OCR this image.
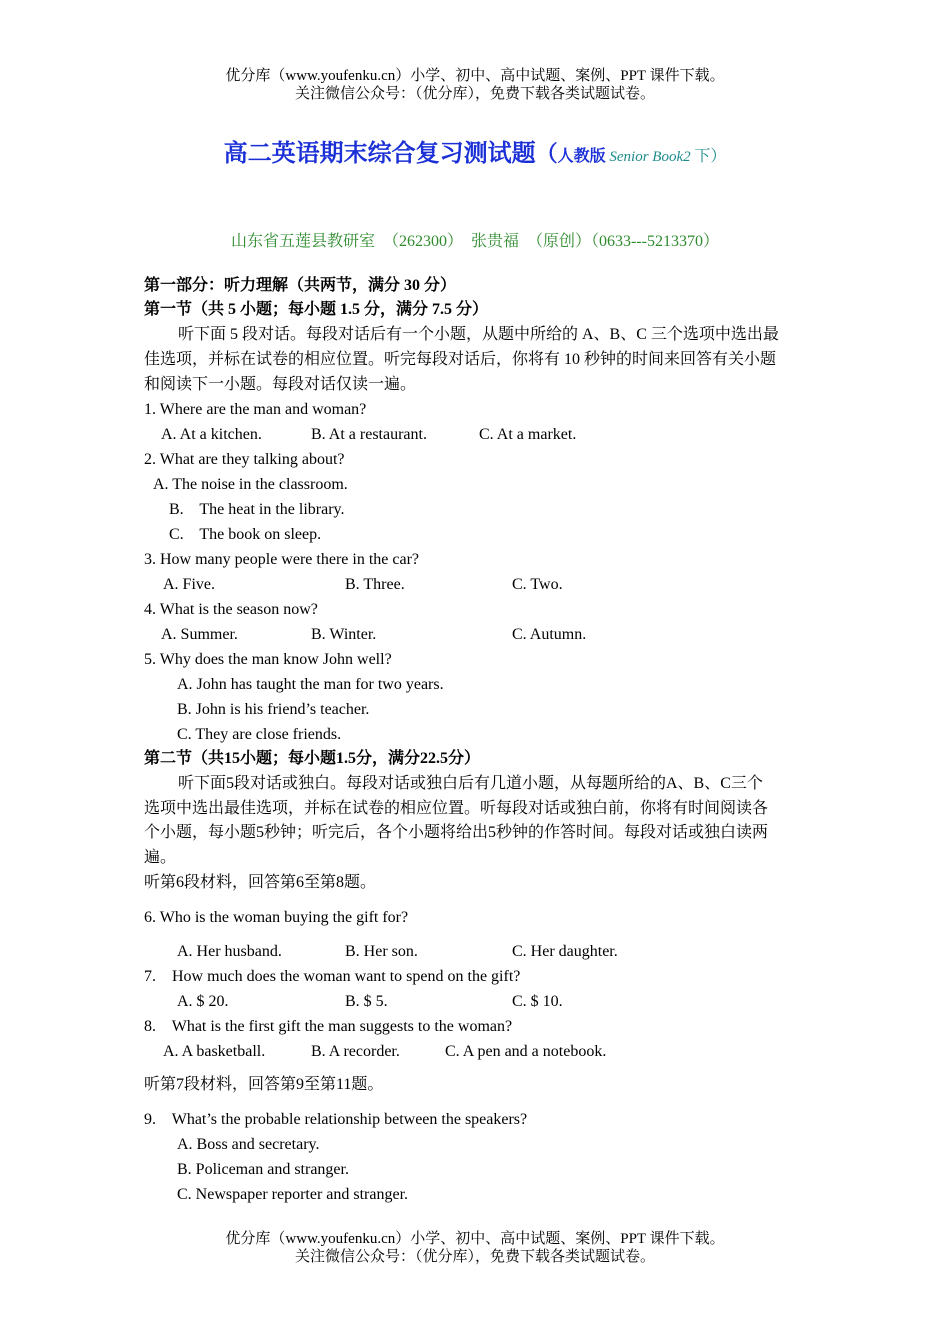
优分库（www.youfenku.cn）小学、初中、高中试题、案例、PPT 课件下载。
关注微信公众号：（优分库），免费下载各类试题试卷。
高二英语期末综合复习测试题（人教版 Senior Book2 下）
山东省五莲县教研室　（262300）　张贵福　（原创）（0633---5213370）
第一部分：听力理解（共两节，满分 30 分）
第一节（共 5 小题；每小题 1.5 分，满分 7.5 分）
听下面 5 段对话。每段对话后有一个小题，从题中所给的 A、B、C 三个选项中选出最
佳选项，并标在试卷的相应位置。听完每段对话后，你将有 10 秒钟的时间来回答有关小题
和阅读下一小题。每段对话仅读一遍。
1. Where are the man and woman?
A. At a kitchen.	B. At a restaurant.	C. At a market.
2. What are they talking about?
A. The noise in the classroom.
B.    The heat in the library.
C.    The book on sleep.
3. How many people were there in the car?
A. Five.	B. Three.	C. Two.
4. What is the season now?
A. Summer.	B. Winter.	C. Autumn.
5. Why does the man know John well?
A. John has taught the man for two years.
B. John is his friend’s teacher.
C. They are close friends.
第二节（共15小题；每小题1.5分，满分22.5分）
听下面5段对话或独白。每段对话或独白后有几道小题，从每题所给的A、B、C三个
选项中选出最佳选项，并标在试卷的相应位置。听每段对话或独白前，你将有时间阅读各
个小题，每小题5秒钟；听完后，各个小题将给出5秒钟的作答时间。每段对话或独白读两
遍。
听第6段材料，回答第6至第8题。
6. Who is the woman buying the gift for?
A. Her husband.	B. Her son.	C. Her daughter.
7.    How much does the woman want to spend on the gift?
A. $ 20.	B. $ 5.	C. $ 10.
8.    What is the first gift the man suggests to the woman?
A. A basketball.	B. A recorder.	C. A pen and a notebook.
听第7段材料，回答第9至第11题。
9.    What’s the probable relationship between the speakers?
A. Boss and secretary.
B. Policeman and stranger.
C. Newspaper reporter and stranger.
优分库（www.youfenku.cn）小学、初中、高中试题、案例、PPT 课件下载。
关注微信公众号：（优分库），免费下载各类试题试卷。
